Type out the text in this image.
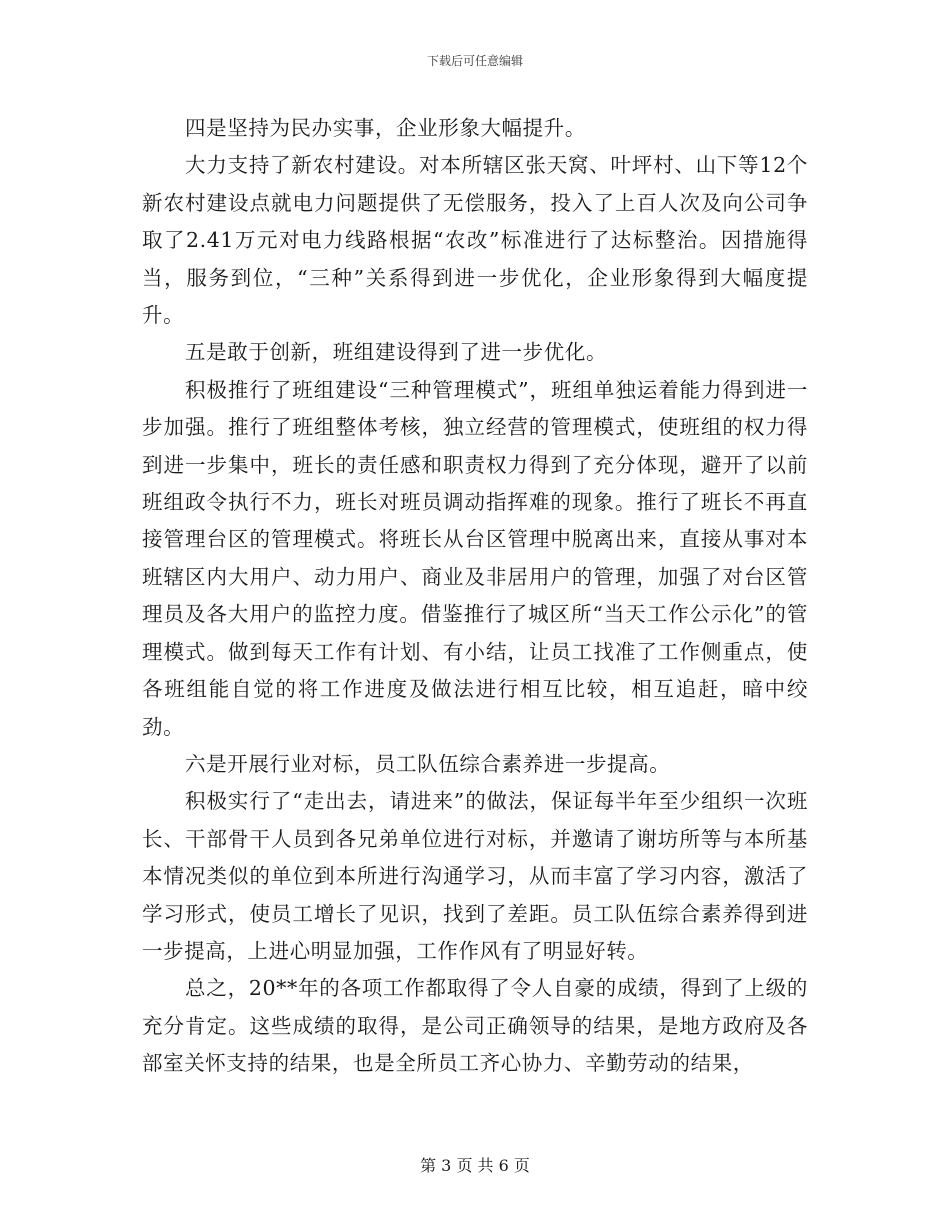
下载后可任意编辑

四是坚持为民办实事，企业形象大幅提升。

大力支持了新农村建设。对本所辖区张天窝、叶坪村、山下等12个新农村建设点就电力问题提供了无偿服务，投入了上百人次及向公司争取了2.41万元对电力线路根据“农改”标准进行了达标整治。因措施得当，服务到位，“三种”关系得到进一步优化，企业形象得到大幅度提升。

五是敢于创新，班组建设得到了进一步优化。

积极推行了班组建设“三种管理模式”，班组单独运着能力得到进一步加强。推行了班组整体考核，独立经营的管理模式，使班组的权力得到进一步集中，班长的责任感和职责权力得到了充分体现，避开了以前班组政令执行不力，班长对班员调动指挥难的现象。推行了班长不再直接管理台区的管理模式。将班长从台区管理中脱离出来，直接从事对本班辖区内大用户、动力用户、商业及非居用户的管理，加强了对台区管理员及各大用户的监控力度。借鉴推行了城区所“当天工作公示化”的管理模式。做到每天工作有计划、有小结，让员工找准了工作侧重点，使各班组能自觉的将工作进度及做法进行相互比较，相互追赶，暗中绞劲。

六是开展行业对标，员工队伍综合素养进一步提高。

积极实行了“走出去，请进来”的做法，保证每半年至少组织一次班长、干部骨干人员到各兄弟单位进行对标，并邀请了谢坊所等与本所基本情况类似的单位到本所进行沟通学习，从而丰富了学习内容，激活了学习形式，使员工增长了见识，找到了差距。员工队伍综合素养得到进一步提高，上进心明显加强，工作作风有了明显好转。

总之，20**年的各项工作都取得了令人自豪的成绩，得到了上级的充分肯定。这些成绩的取得，是公司正确领导的结果，是地方政府及各部室关怀支持的结果，也是全所员工齐心协力、辛勤劳动的结果，

第 3 页 共 6 页
